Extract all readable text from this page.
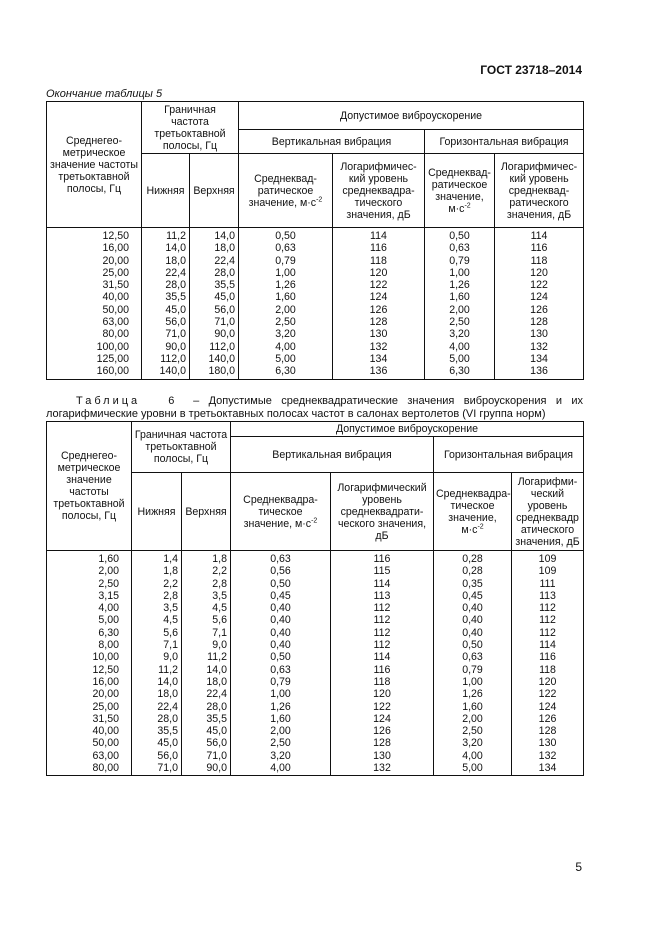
ГОСТ 23718–2014
Окончание таблицы 5
Среднегео-метрическое значение частоты третьоктавной полосы, Гц	Граничная частота третьоктавной полосы, Гц		Допустимое виброускорение			
			Вертикальная вибрация		Горизонтальная вибрация	
	Нижняя	Верхняя	Среднеквад-ратическое значение, $м\cdot с^{-2}$	Логарифмичес-кий уровень среднеквадра-тического значения, дБ	Среднеквад-ратическое значение, $м\cdot с^{-2}$	Логарифмичес-кий уровень среднеквад-ратического значения, дБ
12,50	11,2	14,0	0,50	114	0,50	114
16,00	14,0	18,0	0,63	116	0,63	116
20,00	18,0	22,4	0,79	118	0,79	118
25,00	22,4	28,0	1,00	120	1,00	120
31,50	28,0	35,5	1,26	122	1,26	122
40,00	35,5	45,0	1,60	124	1,60	124
50,00	45,0	56,0	2,00	126	2,00	126
63,00	56,0	71,0	2,50	128	2,50	128
80,00	71,0	90,0	3,20	130	3,20	130
100,00	90,0	112,0	4,00	132	4,00	132
125,00	112,0	140,0	5,00	134	5,00	134
160,00	140,0	180,0	6,30	136	6,30	136
Таблица	6 – Допустимые среднеквадратические значения виброускорения и их
логарифмические уровни в третьоктавных полосах частот в салонах вертолетов (VI группа норм)
Среднегео-метрическое значение частоты третьоктавной полосы, Гц	Граничная частота третьоктавной полосы, Гц		Допустимое виброускорение			
			Вертикальная вибрация		Горизонтальная вибрация	
	Нижняя	Верхняя	Среднеквадра-тическое значение, $м\cdot с^{-2}$	Логарифмический уровень среднеквадрати-ческого значения, дБ	Среднеквадра-тическое значение, $м\cdot с^{-2}$	Логарифми-ческий уровень среднеквадр атического значения, дБ
1,60	1,4	1,8	0,63	116	0,28	109
2,00	1,8	2,2	0,56	115	0,28	109
2,50	2,2	2,8	0,50	114	0,35	111
3,15	2,8	3,5	0,45	113	0,45	113
4,00	3,5	4,5	0,40	112	0,40	112
5,00	4,5	5,6	0,40	112	0,40	112
6,30	5,6	7,1	0,40	112	0,40	112
8,00	7,1	9,0	0,40	112	0,50	114
10,00	9,0	11,2	0,50	114	0,63	116
12,50	11,2	14,0	0,63	116	0,79	118
16,00	14,0	18,0	0,79	118	1,00	120
20,00	18,0	22,4	1,00	120	1,26	122
25,00	22,4	28,0	1,26	122	1,60	124
31,50	28,0	35,5	1,60	124	2,00	126
40,00	35,5	45,0	2,00	126	2,50	128
50,00	45,0	56,0	2,50	128	3,20	130
63,00	56,0	71,0	3,20	130	4,00	132
80,00	71,0	90,0	4,00	132	5,00	134
5
